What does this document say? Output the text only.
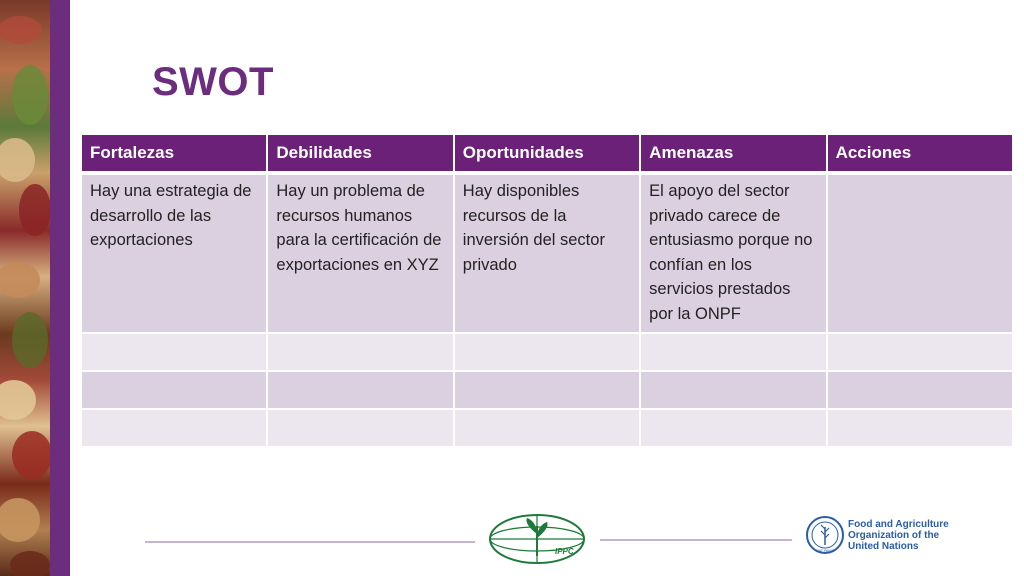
SWOT
Fortalezas	Debilidades	Oportunidades	Amenazas	Acciones
Hay una estrategia de desarrollo de las exportaciones	Hay un problema de recursos humanos para la certificación de exportaciones en XYZ	Hay disponibles recursos de la inversión del sector privado	El apoyo del sector privado carece de entusiasmo porque no confían en los servicios prestados por la ONPF	

IPPC	FIAT PANIS
Food and Agriculture
Organization of the
United Nations
